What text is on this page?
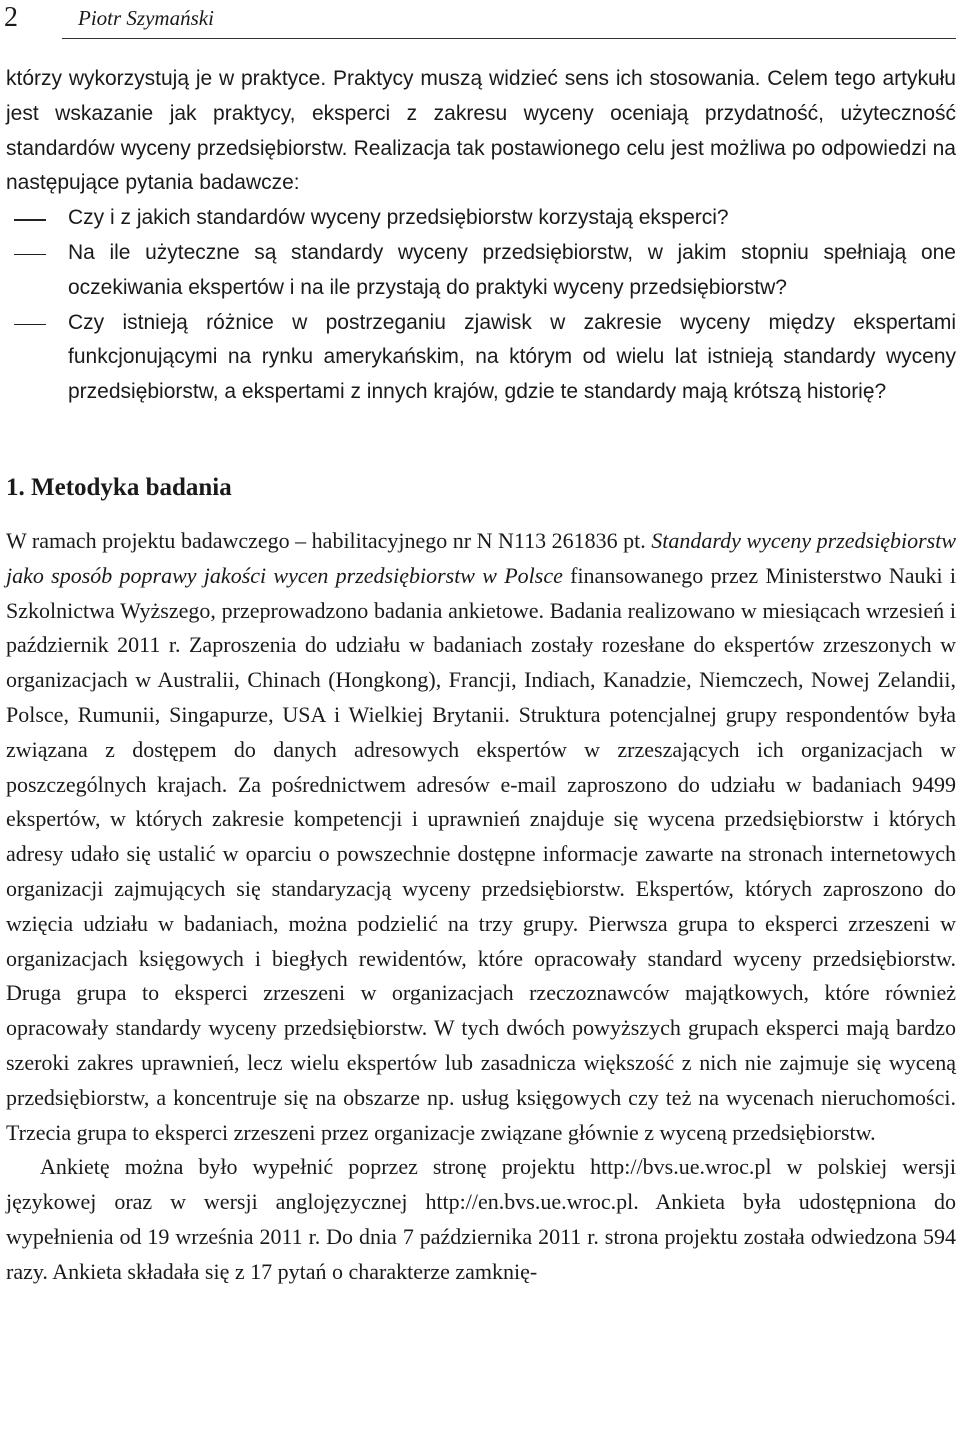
2	Piotr Szymański

którzy wykorzystują je w praktyce. Praktycy muszą widzieć sens ich stosowania. Celem tego artykułu jest wskazanie jak praktycy, eksperci z zakresu wyceny oceniają przydatność, użyteczność standardów wyceny przedsiębiorstw. Realizacja tak postawionego celu jest możliwa po odpowiedzi na następujące pytania badawcze:

Czy i z jakich standardów wyceny przedsiębiorstw korzystają eksperci?
Na ile użyteczne są standardy wyceny przedsiębiorstw, w jakim stopniu spełniają one oczekiwania ekspertów i na ile przystają do praktyki wyceny przedsiębiorstw?
Czy istnieją różnice w postrzeganiu zjawisk w zakresie wyceny między ekspertami funkcjonującymi na rynku amerykańskim, na którym od wielu lat istnieją standardy wyceny przedsiębiorstw, a ekspertami z innych krajów, gdzie te standardy mają krótszą historię?
1. Metodyka badania

W ramach projektu badawczego – habilitacyjnego nr N N113 261836 pt. Standardy wyceny przedsiębiorstw jako sposób poprawy jakości wycen przedsiębiorstw w Polsce finansowanego przez Ministerstwo Nauki i Szkolnictwa Wyższego, przeprowadzono badania ankietowe. Badania realizowano w miesiącach wrzesień i październik 2011 r. Zaproszenia do udziału w badaniach zostały rozesłane do ekspertów zrzeszonych w organizacjach w Australii, Chinach (Hongkong), Francji, Indiach, Kanadzie, Niemczech, Nowej Zelandii, Polsce, Rumunii, Singapurze, USA i Wielkiej Brytanii. Struktura potencjalnej grupy respondentów była związana z dostępem do danych adresowych ekspertów w zrzeszających ich organizacjach w poszczególnych krajach. Za pośrednictwem adresów e-mail zaproszono do udziału w badaniach 9499 ekspertów, w których zakresie kompetencji i uprawnień znajduje się wycena przedsiębiorstw i których adresy udało się ustalić w oparciu o powszechnie dostępne informacje zawarte na stronach internetowych organizacji zajmujących się standaryzacją wyceny przedsiębiorstw. Ekspertów, których zaproszono do wzięcia udziału w badaniach, można podzielić na trzy grupy. Pierwsza grupa to eksperci zrzeszeni w organizacjach księgowych i biegłych rewidentów, które opracowały standard wyceny przedsiębiorstw. Druga grupa to eksperci zrzeszeni w organizacjach rzeczoznawców majątkowych, które również opracowały standardy wyceny przedsiębiorstw. W tych dwóch powyższych grupach eksperci mają bardzo szeroki zakres uprawnień, lecz wielu ekspertów lub zasadnicza większość z nich nie zajmuje się wyceną przedsiębiorstw, a koncentruje się na obszarze np. usług księgowych czy też na wycenach nieruchomości. Trzecia grupa to eksperci zrzeszeni przez organizacje związane głównie z wyceną przedsiębiorstw.

Ankietę można było wypełnić poprzez stronę projektu http://bvs.ue.wroc.pl w polskiej wersji językowej oraz w wersji anglojęzycznej http://en.bvs.ue.wroc.pl. Ankieta była udostępniona do wypełnienia od 19 września 2011 r. Do dnia 7 października 2011 r. strona projektu została odwiedzona 594 razy. Ankieta składała się z 17 pytań o charakterze zamknię-
